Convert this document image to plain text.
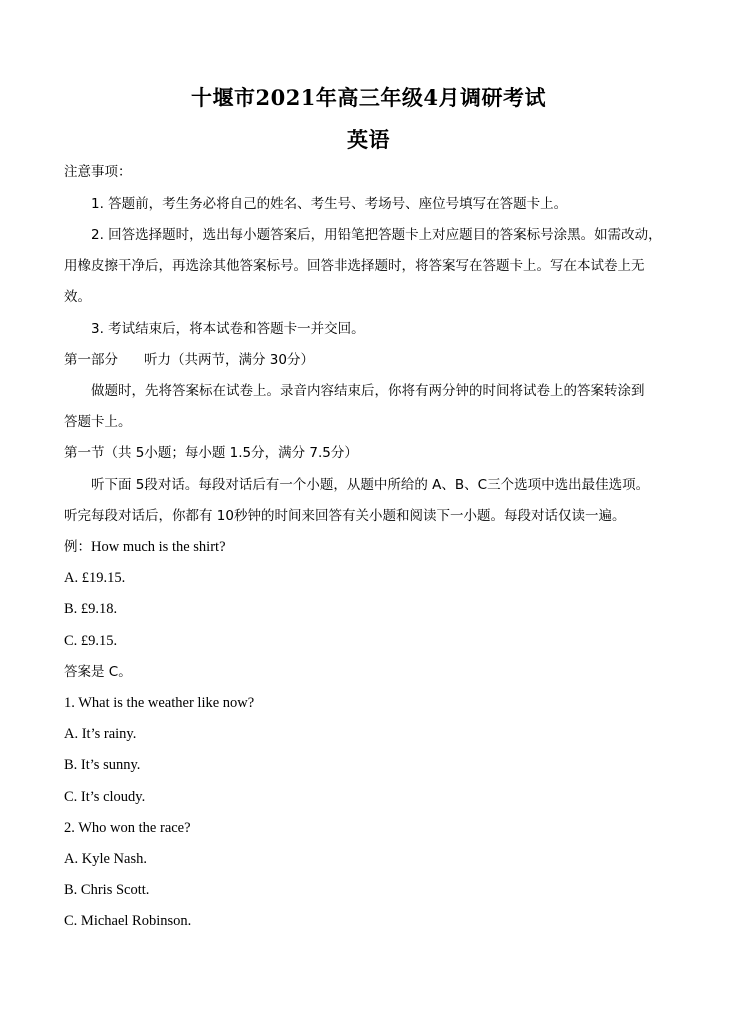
十堰市2021年高三年级4月调研考试
英语
注意事项：
1. 答题前，考生务必将自己的姓名、考生号、考场号、座位号填写在答题卡上。
2. 回答选择题时，选出每小题答案后，用铅笔把答题卡上对应题目的答案标号涂黑。如需改动，
用橡皮擦干净后，再选涂其他答案标号。回答非选择题时，将答案写在答题卡上。写在本试卷上无
效。
3. 考试结束后，将本试卷和答题卡一并交回。
第一部分 听力（共两节，满分 30分）
做题时，先将答案标在试卷上。录音内容结束后，你将有两分钟的时间将试卷上的答案转涂到
答题卡上。
第一节（共 5小题；每小题 1.5分，满分 7.5分）
听下面 5段对话。每段对话后有一个小题，从题中所给的 A、B、C三个选项中选出最佳选项。
听完每段对话后，你都有 10秒钟的时间来回答有关小题和阅读下一小题。每段对话仅读一遍。
例：How much is the shirt?
A. £19.15.
B. £9.18.
C. £9.15.
答案是 C。
1. What is the weather like now?
A. It’s rainy.
B. It’s sunny.
C. It’s cloudy.
2. Who won the race?
A. Kyle Nash.
B. Chris Scott.
C. Michael Robinson.
